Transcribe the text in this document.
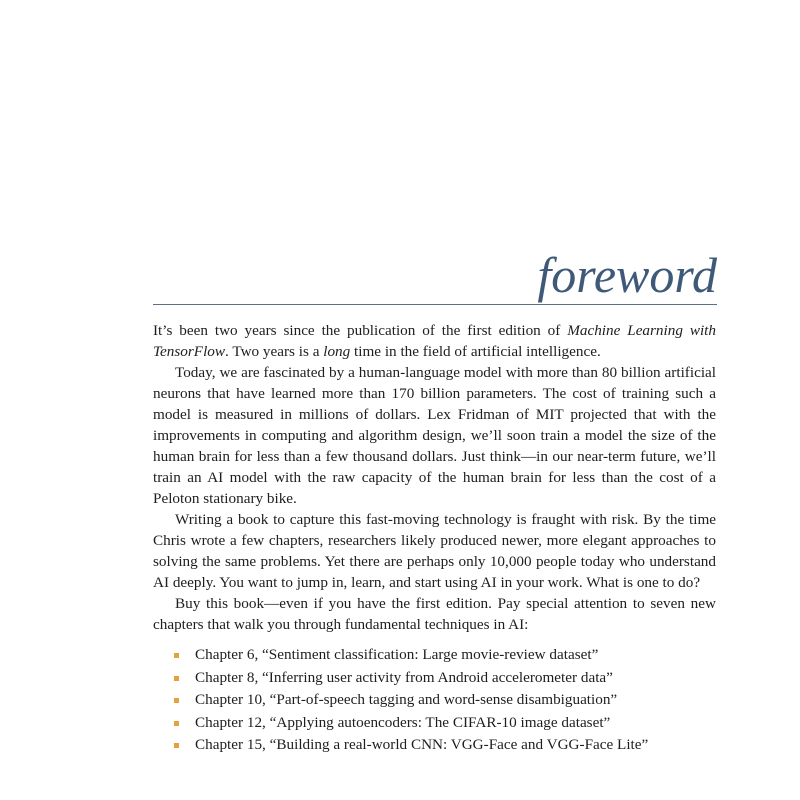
foreword

It’s been two years since the publication of the first edition of Machine Learning with TensorFlow. Two years is a long time in the field of artificial intelligence.

Today, we are fascinated by a human-language model with more than 80 billion artificial neurons that have learned more than 170 billion parameters. The cost of training such a model is measured in millions of dollars. Lex Fridman of MIT projected that with the improvements in computing and algorithm design, we’ll soon train a model the size of the human brain for less than a few thousand dollars. Just think—in our near-term future, we’ll train an AI model with the raw capacity of the human brain for less than the cost of a Peloton stationary bike.

Writing a book to capture this fast-moving technology is fraught with risk. By the time Chris wrote a few chapters, researchers likely produced newer, more elegant approaches to solving the same problems. Yet there are perhaps only 10,000 people today who understand AI deeply. You want to jump in, learn, and start using AI in your work. What is one to do?

Buy this book—even if you have the first edition. Pay special attention to seven new chapters that walk you through fundamental techniques in AI:

Chapter 6, “Sentiment classification: Large movie-review dataset”
Chapter 8, “Inferring user activity from Android accelerometer data”
Chapter 10, “Part-of-speech tagging and word-sense disambiguation”
Chapter 12, “Applying autoencoders: The CIFAR-10 image dataset”
Chapter 15, “Building a real-world CNN: VGG-Face and VGG-Face Lite”
